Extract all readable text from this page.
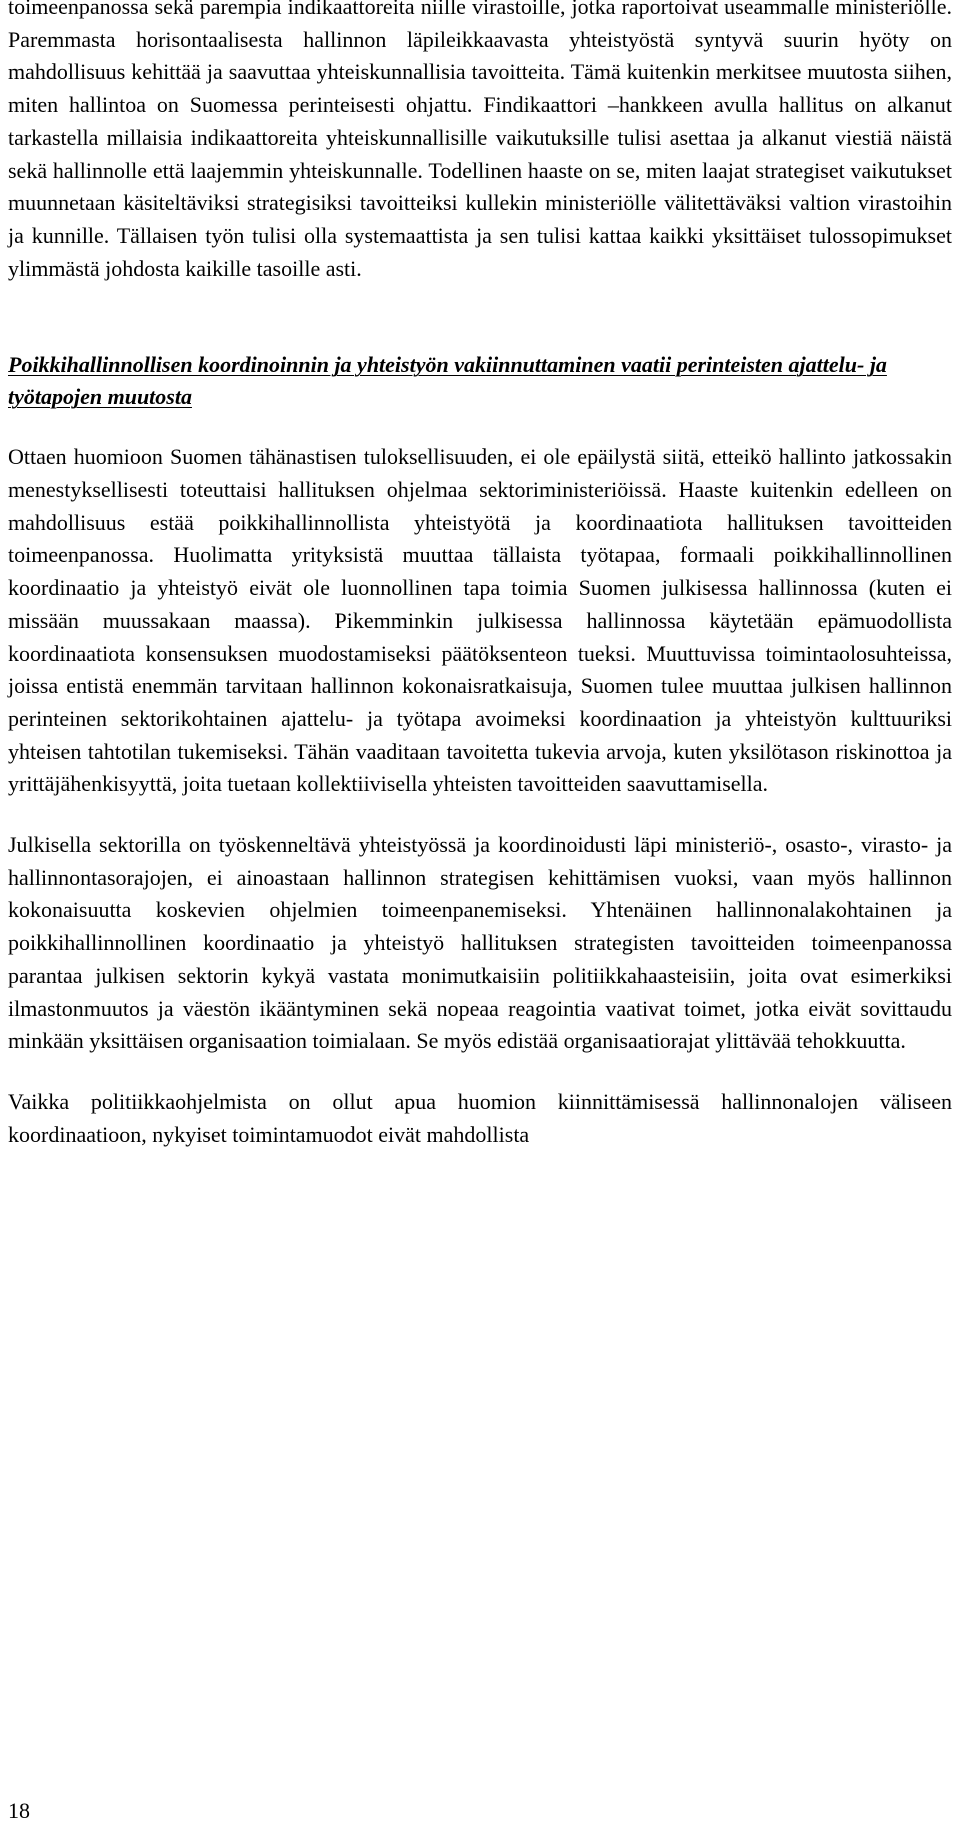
toimeenpanossa sekä parempia indikaattoreita niille virastoille, jotka raportoivat useammalle ministeriölle. Paremmasta horisontaalisesta hallinnon läpileikkaavasta yhteistyöstä syntyvä suurin hyöty on mahdollisuus kehittää ja saavuttaa yhteiskunnallisia tavoitteita. Tämä kuitenkin merkitsee muutosta siihen, miten hallintoa on Suomessa perinteisesti ohjattu. Findikaattori –hankkeen avulla hallitus on alkanut tarkastella millaisia indikaattoreita yhteiskunnallisille vaikutuksille tulisi asettaa ja alkanut viestiä näistä sekä hallinnolle että laajemmin yhteiskunnalle. Todellinen haaste on se, miten laajat strategiset vaikutukset muunnetaan käsiteltäviksi strategisiksi tavoitteiksi kullekin ministeriölle välitettäväksi valtion virastoihin ja kunnille. Tällaisen työn tulisi olla systemaattista ja sen tulisi kattaa kaikki yksittäiset tulossopimukset ylimmästä johdosta kaikille tasoille asti.

Poikkihallinnollisen koordinoinnin ja yhteistyön vakiinnuttaminen vaatii perinteisten ajattelu- ja työtapojen muutosta

Ottaen huomioon Suomen tähänastisen tuloksellisuuden, ei ole epäilystä siitä, etteikö hallinto jatkossakin menestyksellisesti toteuttaisi hallituksen ohjelmaa sektoriministeriöissä. Haaste kuitenkin edelleen on mahdollisuus estää poikkihallinnollista yhteistyötä ja koordinaatiota hallituksen tavoitteiden toimeenpanossa. Huolimatta yrityksistä muuttaa tällaista työtapaa, formaali poikkihallinnollinen koordinaatio ja yhteistyö eivät ole luonnollinen tapa toimia Suomen julkisessa hallinnossa (kuten ei missään muussakaan maassa). Pikemminkin julkisessa hallinnossa käytetään epämuodollista koordinaatiota konsensuksen muodostamiseksi päätöksenteon tueksi. Muuttuvissa toimintaolosuhteissa, joissa entistä enemmän tarvitaan hallinnon kokonaisratkaisuja, Suomen tulee muuttaa julkisen hallinnon perinteinen sektorikohtainen ajattelu- ja työtapa avoimeksi koordinaation ja yhteistyön kulttuuriksi yhteisen tahtotilan tukemiseksi. Tähän vaaditaan tavoitetta tukevia arvoja, kuten yksilötason riskinottoa ja yrittäjähenkisyyttä, joita tuetaan kollektiivisella yhteisten tavoitteiden saavuttamisella.

Julkisella sektorilla on työskenneltävä yhteistyössä ja koordinoidusti läpi ministeriö-, osasto-, virasto- ja hallinnontasorajojen, ei ainoastaan hallinnon strategisen kehittämisen vuoksi, vaan myös hallinnon kokonaisuutta koskevien ohjelmien toimeenpanemiseksi. Yhtenäinen hallinnonalakohtainen ja poikkihallinnollinen koordinaatio ja yhteistyö hallituksen strategisten tavoitteiden toimeenpanossa parantaa julkisen sektorin kykyä vastata monimutkaisiin politiikkahaasteisiin, joita ovat esimerkiksi ilmastonmuutos ja väestön ikääntyminen sekä nopeaa reagointia vaativat toimet, jotka eivät sovittaudu minkään yksittäisen organisaation toimialaan. Se myös edistää organisaatiorajat ylittävää tehokkuutta.

Vaikka politiikkaohjelmista on ollut apua huomion kiinnittämisessä hallinnonalojen väliseen koordinaatioon, nykyiset toimintamuodot eivät mahdollista

18
